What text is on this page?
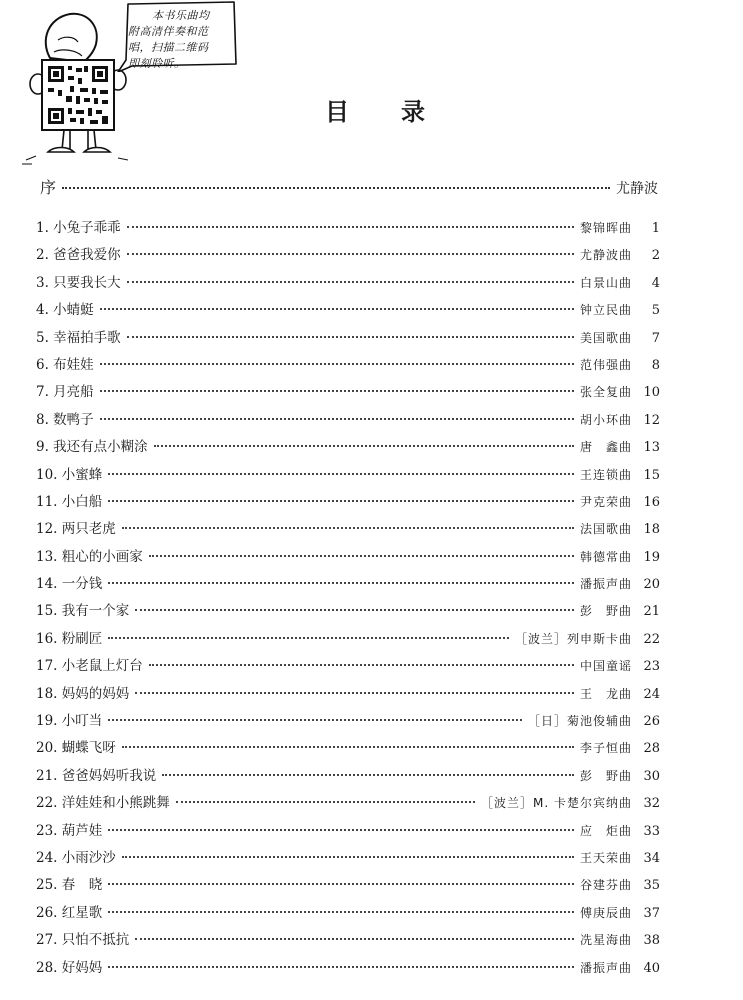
本书乐曲均
附高清伴奏和范
唱，扫描二维码
即刻聆听。
目录
序	尤静波
1. 小兔子乖乖	黎锦晖曲	1
2. 爸爸我爱你	尤静波曲	2
3. 只要我长大	白景山曲	4
4. 小蜻蜓	钟立民曲	5
5. 幸福拍手歌	美国歌曲	7
6. 布娃娃	范伟强曲	8
7. 月亮船	张全复曲 10
8. 数鸭子	胡小环曲 12
9. 我还有点小糊涂	唐　鑫曲 13
10. 小蜜蜂	王连锁曲 15
11. 小白船	尹克荣曲 16
12. 两只老虎	法国歌曲 18
13. 粗心的小画家	韩德常曲 19
14. 一分钱	潘振声曲 20
15. 我有一个家	彭　野曲 21
16. 粉刷匠	［波兰］列申斯卡曲 22
17. 小老鼠上灯台	中国童谣 23
18. 妈妈的妈妈	王　龙曲 24
19. 小叮当	［日］菊池俊辅曲 26
20. 蝴蝶飞呀	李子恒曲 28
21. 爸爸妈妈听我说	彭　野曲 30
22. 洋娃娃和小熊跳舞	［波兰］M. 卡楚尔宾纳曲 32
23. 葫芦娃	应　炬曲 33
24. 小雨沙沙	王天荣曲 34
25. 春　晓	谷建芬曲 35
26. 红星歌	傅庚辰曲 37
27. 只怕不抵抗	冼星海曲 38
28. 好妈妈	潘振声曲 40
